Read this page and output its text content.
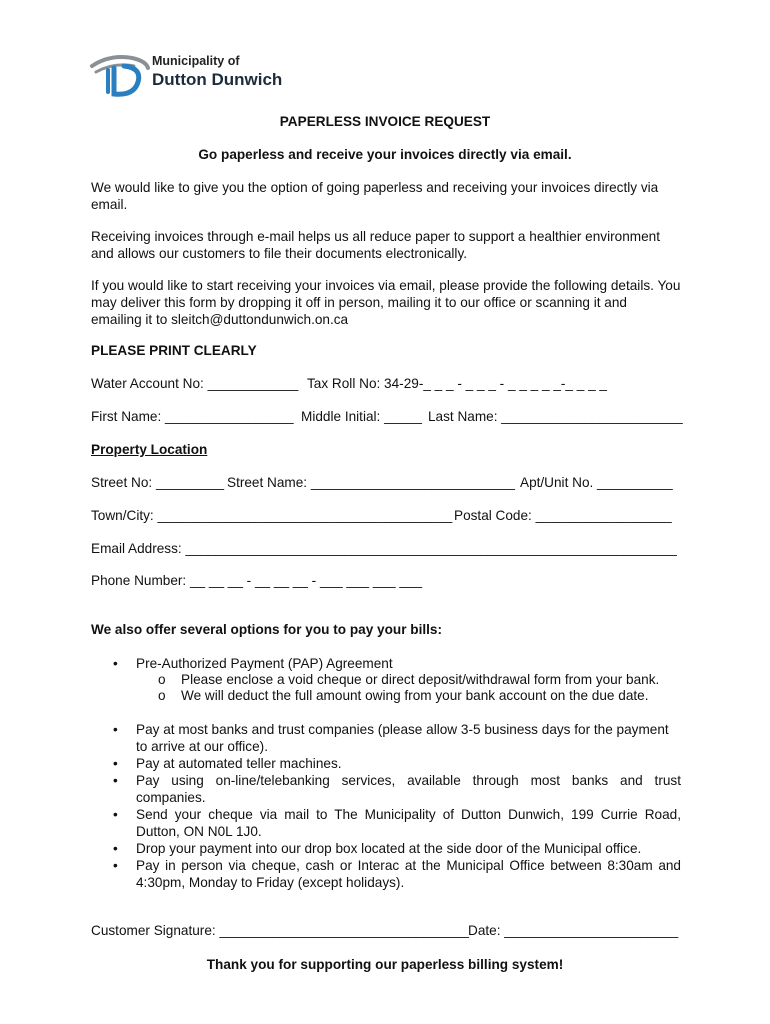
Municipality of
Dutton Dunwich
PAPERLESS INVOICE REQUEST
Go paperless and receive your invoices directly via email.
We would like to give you the option of going paperless and receiving your invoices directly via email.
Receiving invoices through e-mail helps us all reduce paper to support a healthier environment and allows our customers to file their documents electronically.
If you would like to start receiving your invoices via email, please provide the following details. You may deliver this form by dropping it off in person, mailing it to our office or scanning it and emailing it to sleitch@duttondunwich.on.ca
PLEASE PRINT CLEARLY
Water Account No: ____________ Tax Roll No: 34-29-_ _ _ - _ _ _ - _ _ _ _ _-_ _ _ _
First Name: _________________ Middle Initial: _____ Last Name: ________________________
Property Location
Street No: _________ Street Name: ___________________________ Apt/Unit No. __________
Town/City: _______________________________________ Postal Code: __________________
Email Address: _________________________________________________________________
Phone Number: __ __ __ - __ __ __ - ___ ___ ___ ___
We also offer several options for you to pay your bills:
• Pre-Authorized Payment (PAP) Agreement
o Please enclose a void cheque or direct deposit/withdrawal form from your bank.
o We will deduct the full amount owing from your bank account on the due date.
• Pay at most banks and trust companies (please allow 3-5 business days for the payment to arrive at our office).
• Pay at automated teller machines.
• Pay using on-line/telebanking services, available through most banks and trust companies.
• Send your cheque via mail to The Municipality of Dutton Dunwich, 199 Currie Road, Dutton, ON N0L 1J0.
• Drop your payment into our drop box located at the side door of the Municipal office.
• Pay in person via cheque, cash or Interac at the Municipal Office between 8:30am and 4:30pm, Monday to Friday (except holidays).
Customer Signature: _________________________________ Date: _______________________
Thank you for supporting our paperless billing system!
